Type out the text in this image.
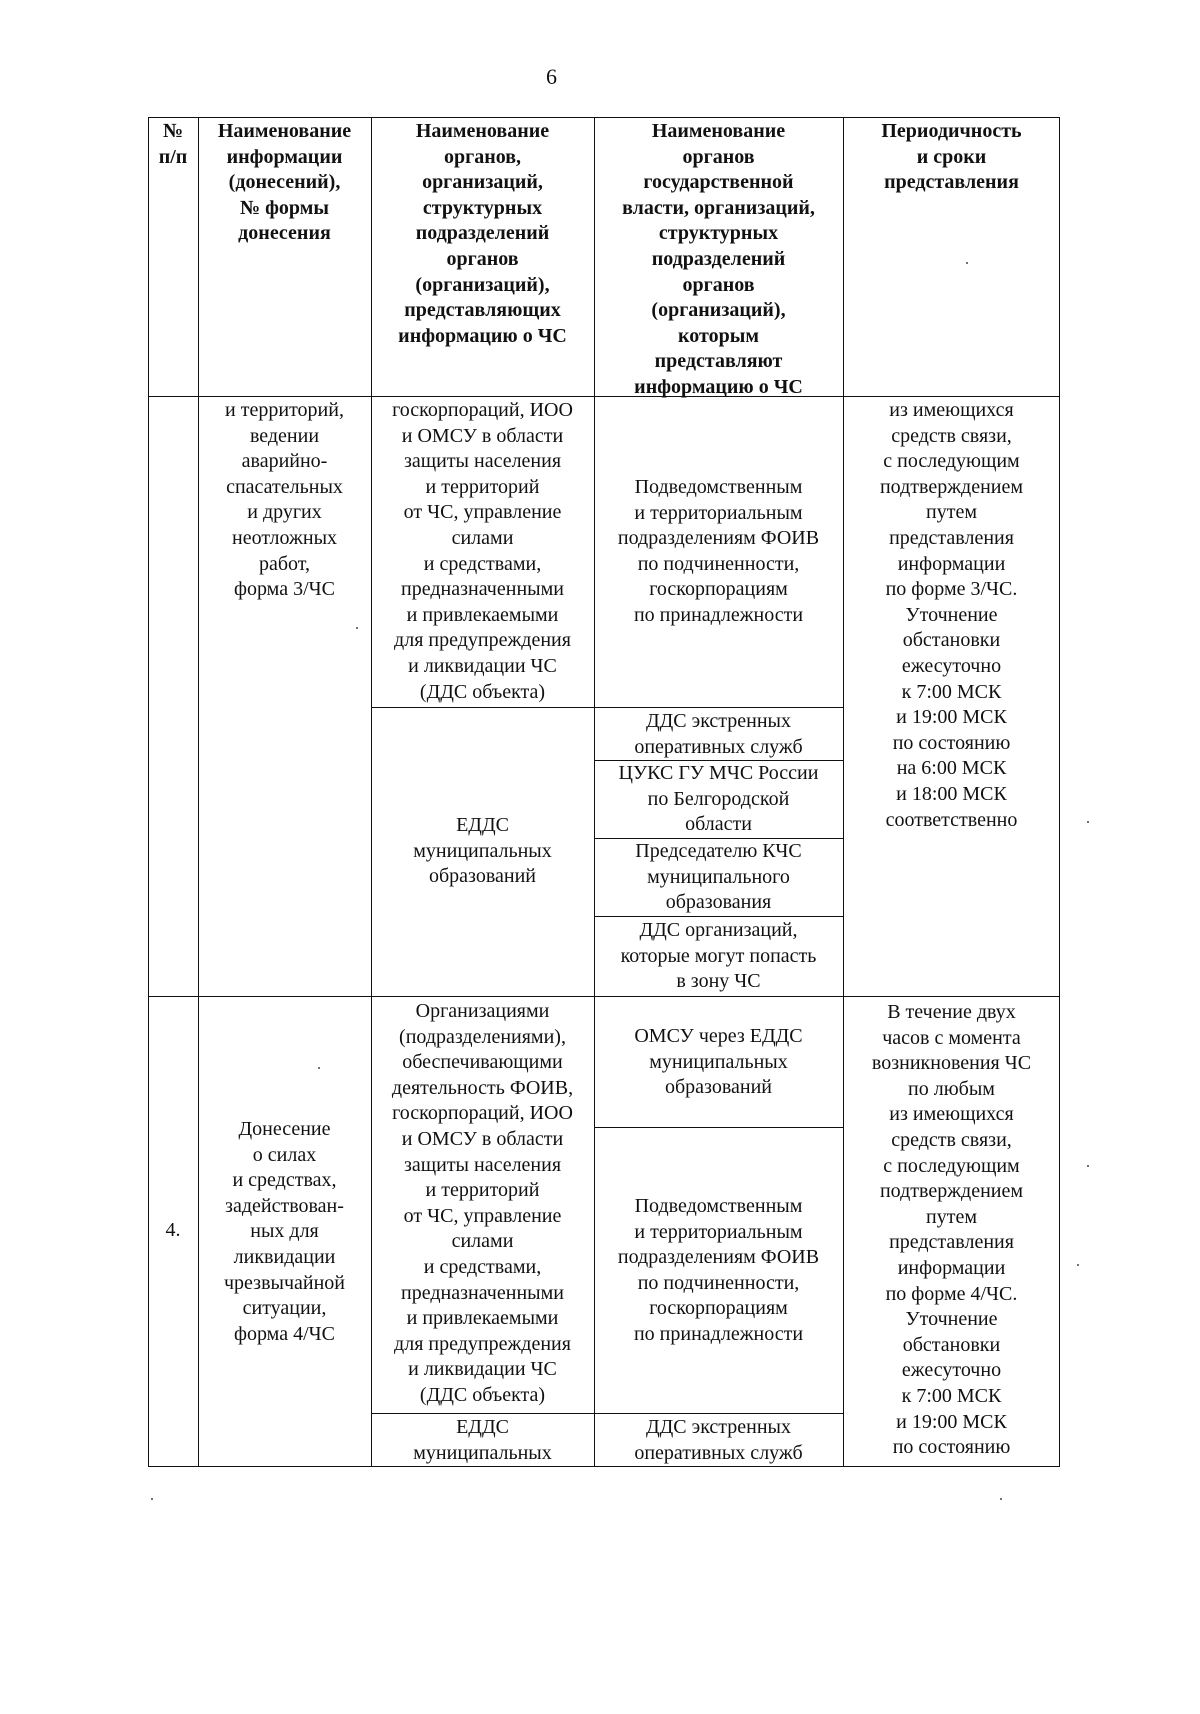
6
№
п/п
Наименование
информации
(донесений),
№ формы
донесения
Наименование
органов,
организаций,
структурных
подразделений
органов
(организаций),
представляющих
информацию о ЧС
Наименование
органов
государственной
власти, организаций,
структурных
подразделений
органов
(организаций),
которым
представляют
информацию о ЧС
Периодичность
и сроки
представления
и территорий,
ведении
аварийно-
спасательных
и других
неотложных
работ,
форма 3/ЧС
госкорпораций, ИОО
и ОМСУ в области
защиты населения
и территорий
от ЧС, управление
силами
и средствами,
предназначенными
и привлекаемыми
для предупреждения
и ликвидации ЧС
(ДДС объекта)
Подведомственным
и территориальным
подразделениям ФОИВ
по подчиненности,
госкорпорациям
по принадлежности
из имеющихся
средств связи,
с последующим
подтверждением
путем
представления
информации
по форме 3/ЧС.
Уточнение
обстановки
ежесуточно
к 7:00 МСК
и 19:00 МСК
по состоянию
на 6:00 МСК
и 18:00 МСК
соответственно
ЕДДС
муниципальных
образований
ДДС экстренных
оперативных служб
ЦУКС ГУ МЧС России
по Белгородской
области
Председателю КЧС
муниципального
образования
ДДС организаций,
которые могут попасть
в зону ЧС
4.
Донесение
о силах
и средствах,
задействован-
ных для
ликвидации
чрезвычайной
ситуации,
форма 4/ЧС
Организациями
(подразделениями),
обеспечивающими
деятельность ФОИВ,
госкорпораций, ИОО
и ОМСУ в области
защиты населения
и территорий
от ЧС, управление
силами
и средствами,
предназначенными
и привлекаемыми
для предупреждения
и ликвидации ЧС
(ДДС объекта)
ОМСУ через ЕДДС
муниципальных
образований
Подведомственным
и территориальным
подразделениям ФОИВ
по подчиненности,
госкорпорациям
по принадлежности
В течение двух
часов с момента
возникновения ЧС
по любым
из имеющихся
средств связи,
с последующим
подтверждением
путем
представления
информации
по форме 4/ЧС.
Уточнение
обстановки
ежесуточно
к 7:00 МСК
и 19:00 МСК
по состоянию
ЕДДС
муниципальных
ДДС экстренных
оперативных служб
